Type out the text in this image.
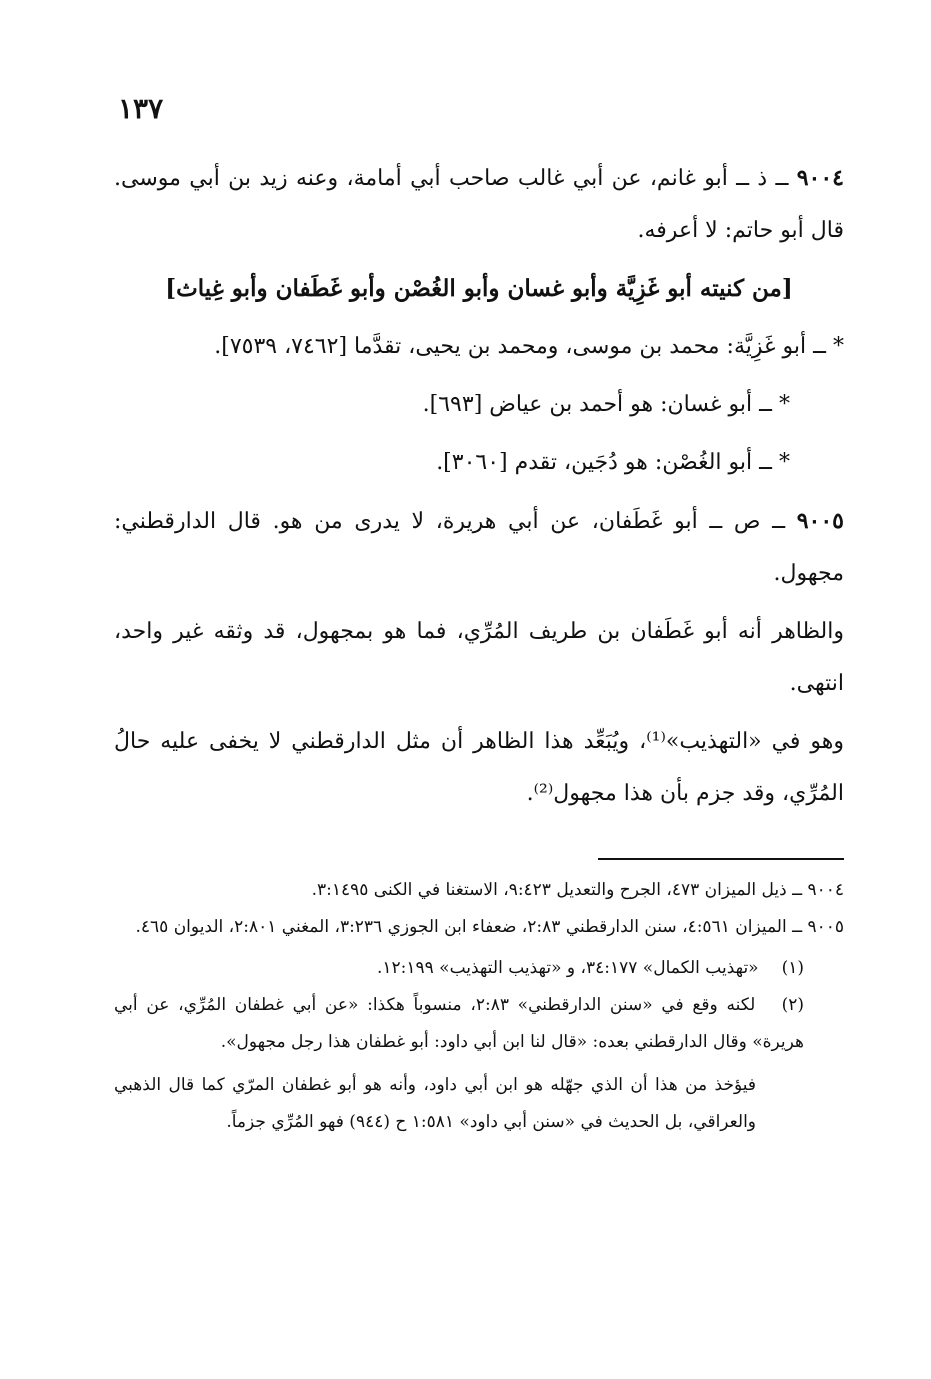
١٣٧

٩٠٠٤ ــ ذ ــ أبو غانم، عن أبي غالب صاحب أبي أمامة، وعنه زيد بن أبي موسى. قال أبو حاتم: لا أعرفه.

[من كنيته أبو غَزِيَّة وأبو غسان وأبو الغُصْن وأبو غَطَفان وأبو غِياث]

* ــ أبو غَزِيَّة: محمد بن موسى، ومحمد بن يحيى، تقدَّما [٧٤٦٢، ٧٥٣٩].

* ــ أبو غسان: هو أحمد بن عياض [٦٩٣].

* ــ أبو الغُصْن: هو دُجَين، تقدم [٣٠٦٠].

٩٠٠٥ ــ ص ــ أبو غَطَفان، عن أبي هريرة، لا يدرى من هو. قال الدارقطني: مجهول.

والظاهر أنه أبو غَطَفان بن طريف المُرِّي، فما هو بمجهول، قد وثقه غير واحد، انتهى.

وهو في «التهذيب»⁽¹⁾، ويُبَعِّد هذا الظاهر أن مثل الدارقطني لا يخفى عليه حالُ المُرِّي، وقد جزم بأن هذا مجهول⁽²⁾.

٩٠٠٤ ــ ذيل الميزان ٤٧٣، الجرح والتعديل ٩:٤٢٣، الاستغنا في الكنى ٣:١٤٩٥.

٩٠٠٥ ــ الميزان ٤:٥٦١، سنن الدارقطني ٢:٨٣، ضعفاء ابن الجوزي ٣:٢٣٦، المغني ٢:٨٠١، الديوان ٤٦٥.

(١) «تهذيب الكمال» ٣٤:١٧٧، و «تهذيب التهذيب» ١٢:١٩٩.

(٢) لكنه وقع في «سنن الدارقطني» ٢:٨٣، منسوباً هكذا: «عن أبي غطفان المُرِّي، عن أبي هريرة» وقال الدارقطني بعده: «قال لنا ابن أبي داود: أبو غطفان هذا رجل مجهول».

فيؤخذ من هذا أن الذي جهّله هو ابن أبي داود، وأنه هو أبو غطفان المرّي كما قال الذهبي والعراقي، بل الحديث في «سنن أبي داود» ١:٥٨١ ح (٩٤٤) فهو المُرِّي جزماً.
